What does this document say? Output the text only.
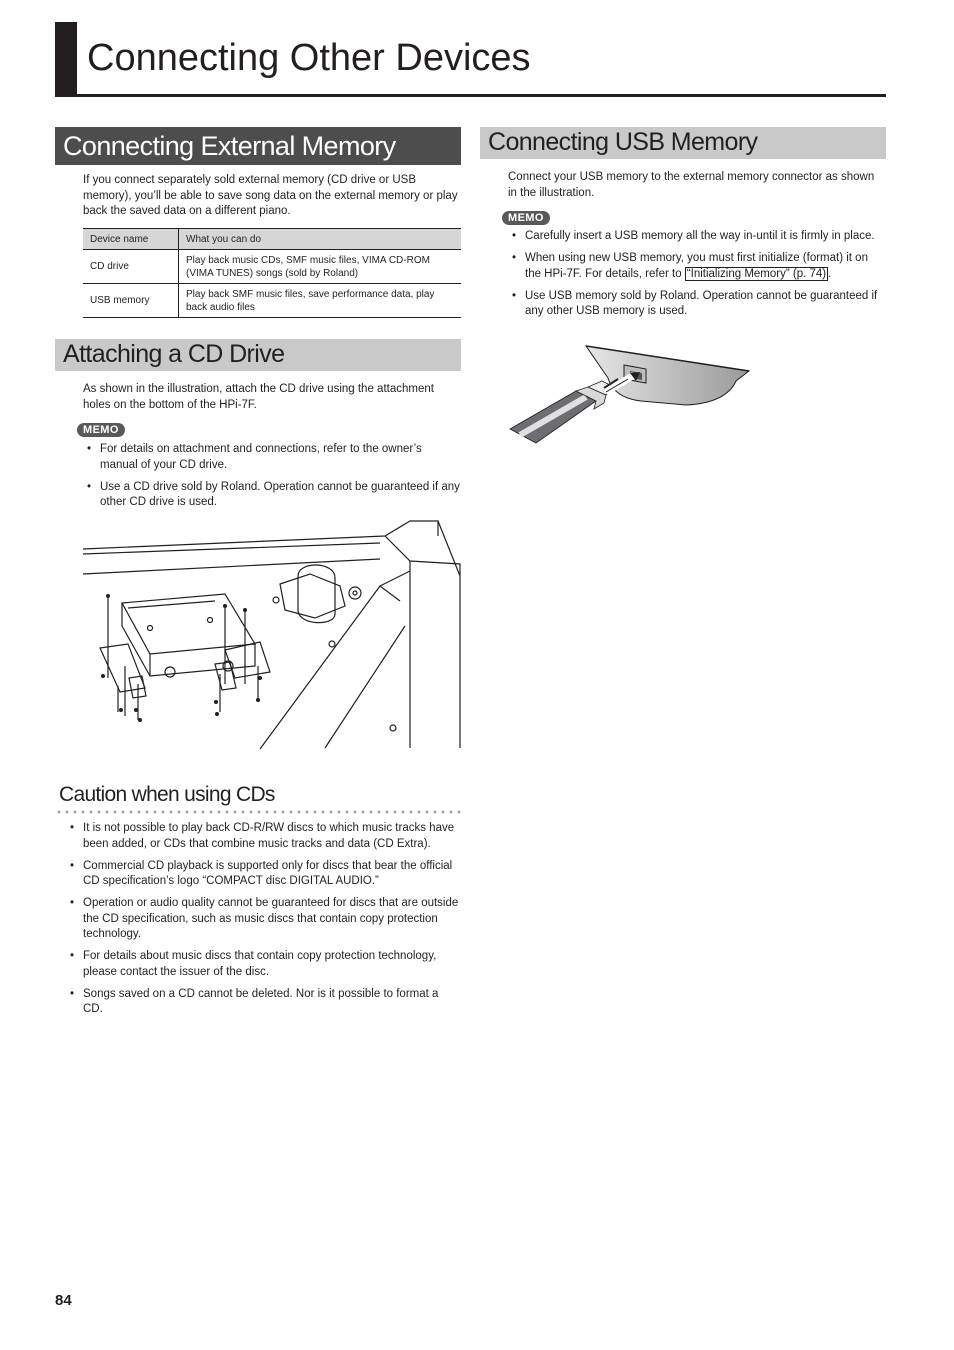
Connecting Other Devices
Connecting External Memory

If you connect separately sold external memory (CD drive or USB memory), you’ll be able to save song data on the external memory or play back the saved data on a different piano.

Device name	What you can do
CD drive	Play back music CDs, SMF music files, VIMA CD-ROM (VIMA TUNES) songs (sold by Roland)
USB memory	Play back SMF music files, save performance data, play back audio files
Attaching a CD Drive

As shown in the illustration, attach the CD drive using the attachment holes on the bottom of the HPi-7F.

MEMO
• For details on attachment and connections, refer to the owner’s manual of your CD drive.
• Use a CD drive sold by Roland. Operation cannot be guaranteed if any other CD drive is used.
Caution when using CDs
• It is not possible to play back CD-R/RW discs to which music tracks have been added, or CDs that combine music tracks and data (CD Extra).
• Commercial CD playback is supported only for discs that bear the official CD specification’s logo “COMPACT disc DIGITAL AUDIO.”
• Operation or audio quality cannot be guaranteed for discs that are outside the CD specification, such as music discs that contain copy protection technology.
• For details about music discs that contain copy protection technology, please contact the issuer of the disc.
• Songs saved on a CD cannot be deleted. Nor is it possible to format a CD.
Connecting USB Memory

Connect your USB memory to the external memory connector as shown in the illustration.

MEMO
• Carefully insert a USB memory all the way in-until it is firmly in place.
• When using new USB memory, you must first initialize (format) it on the HPi-7F. For details, refer to “Initializing Memory” (p. 74) .
• Use USB memory sold by Roland. Operation cannot be guaranteed if any other USB memory is used.
84
